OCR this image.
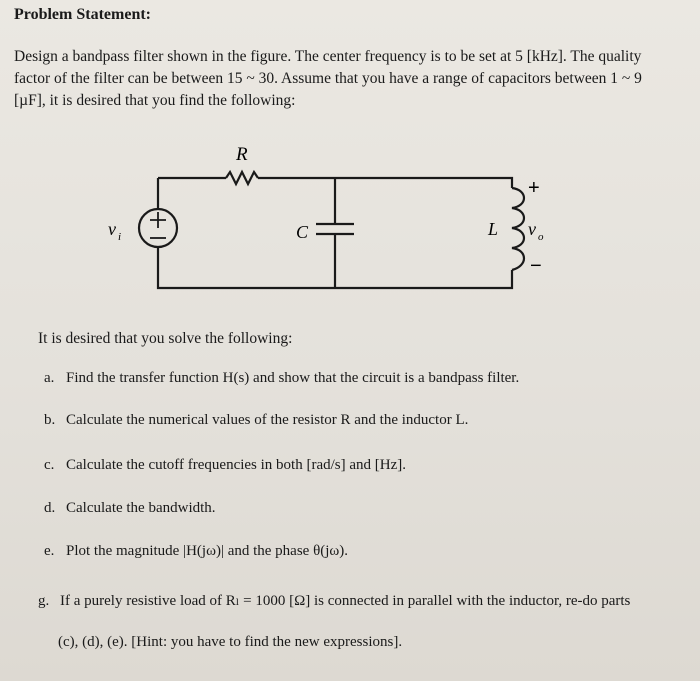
Problem Statement:
Design a bandpass filter shown in the figure. The center frequency is to be set at 5 [kHz]. The quality factor of the filter can be between 15 ~ 30. Assume that you have a range of capacitors between 1 ~ 9 [µF], it is desired that you find the following:
R
v i	C	L v o
+
−
It is desired that you solve the following:
a. Find the transfer function H(s) and show that the circuit is a bandpass filter.
b. Calculate the numerical values of the resistor R and the inductor L.
c. Calculate the cutoff frequencies in both [rad/s] and [Hz].
d. Calculate the bandwidth.
e. Plot the magnitude |H(jω)| and the phase θ(jω).
g. If a purely resistive load of Rₗ = 1000 [Ω] is connected in parallel with the inductor, re-do parts
(c), (d), (e). [Hint: you have to find the new expressions].
